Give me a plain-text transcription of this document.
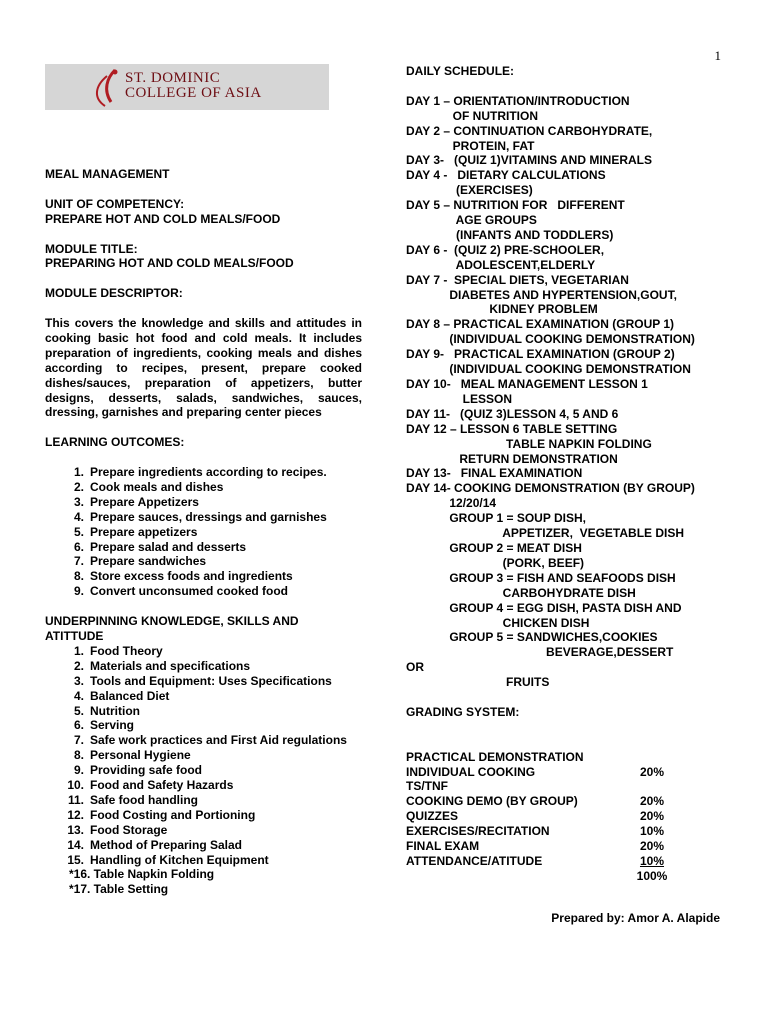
1
ST. DOMINIC
COLLEGE OF ASIA
MEAL MANAGEMENT
UNIT OF COMPETENCY:
PREPARE HOT AND COLD MEALS/FOOD
MODULE TITLE:
PREPARING HOT AND COLD MEALS/FOOD
MODULE DESCRIPTOR:
This covers the knowledge and skills and attitudes in cooking basic hot food and cold meals. It includes preparation of ingredients, cooking meals and dishes according to recipes, present, prepare cooked dishes/sauces, preparation of appetizers, butter designs, desserts, salads, sandwiches, sauces, dressing, garnishes and preparing center pieces
LEARNING OUTCOMES:
1. Prepare ingredients according to recipes.
2. Cook meals and dishes
3. Prepare Appetizers
4. Prepare sauces, dressings and garnishes
5. Prepare appetizers
6. Prepare salad and desserts
7. Prepare sandwiches
8. Store excess foods and ingredients
9. Convert unconsumed cooked food
UNDERPINNING KNOWLEDGE, SKILLS AND
ATITTUDE
1. Food Theory
2. Materials and specifications
3. Tools and Equipment: Uses Specifications
4. Balanced Diet
5. Nutrition
6. Serving
7. Safe work practices and First Aid regulations
8. Personal Hygiene
9. Providing safe food
10. Food and Safety Hazards
11. Safe food handling
12. Food Costing and Portioning
13. Food Storage
14. Method of Preparing Salad
15. Handling of Kitchen Equipment
*16. Table Napkin Folding
*17. Table Setting
DAILY SCHEDULE:
DAY 1 – ORIENTATION/INTRODUCTION
OF NUTRITION
DAY 2 – CONTINUATION CARBOHYDRATE,
PROTEIN, FAT
DAY 3-   (QUIZ 1)VITAMINS AND MINERALS
DAY 4 -   DIETARY CALCULATIONS
(EXERCISES)
DAY 5 – NUTRITION FOR   DIFFERENT
AGE GROUPS
(INFANTS AND TODDLERS)
DAY 6 -  (QUIZ 2) PRE-SCHOOLER,
ADOLESCENT,ELDERLY
DAY 7 -  SPECIAL DIETS, VEGETARIAN
DIABETES AND HYPERTENSION,GOUT,
KIDNEY PROBLEM
DAY 8 – PRACTICAL EXAMINATION (GROUP 1)
(INDIVIDUAL COOKING DEMONSTRATION)
DAY 9-   PRACTICAL EXAMINATION (GROUP 2)
(INDIVIDUAL COOKING DEMONSTRATION
DAY 10-   MEAL MANAGEMENT LESSON 1
LESSON
DAY 11-   (QUIZ 3)LESSON 4, 5 AND 6
DAY 12 – LESSON 6 TABLE SETTING
TABLE NAPKIN FOLDING
RETURN DEMONSTRATION
DAY 13-   FINAL EXAMINATION
DAY 14- COOKING DEMONSTRATION (BY GROUP)
12/20/14
GROUP 1 = SOUP DISH,
APPETIZER,  VEGETABLE DISH
GROUP 2 = MEAT DISH
(PORK, BEEF)
GROUP 3 = FISH AND SEAFOODS DISH
CARBOHYDRATE DISH
GROUP 4 = EGG DISH, PASTA DISH AND
CHICKEN DISH
GROUP 5 = SANDWICHES,COOKIES
BEVERAGE,DESSERT
OR
FRUITS
GRADING SYSTEM:
PRACTICAL DEMONSTRATION
INDIVIDUAL COOKING	20%
TS/TNF
COOKING DEMO (BY GROUP)	20%
QUIZZES	20%
EXERCISES/RECITATION	10%
FINAL EXAM	20%
ATTENDANCE/ATITUDE	10%
100%
Prepared by: Amor A. Alapide
